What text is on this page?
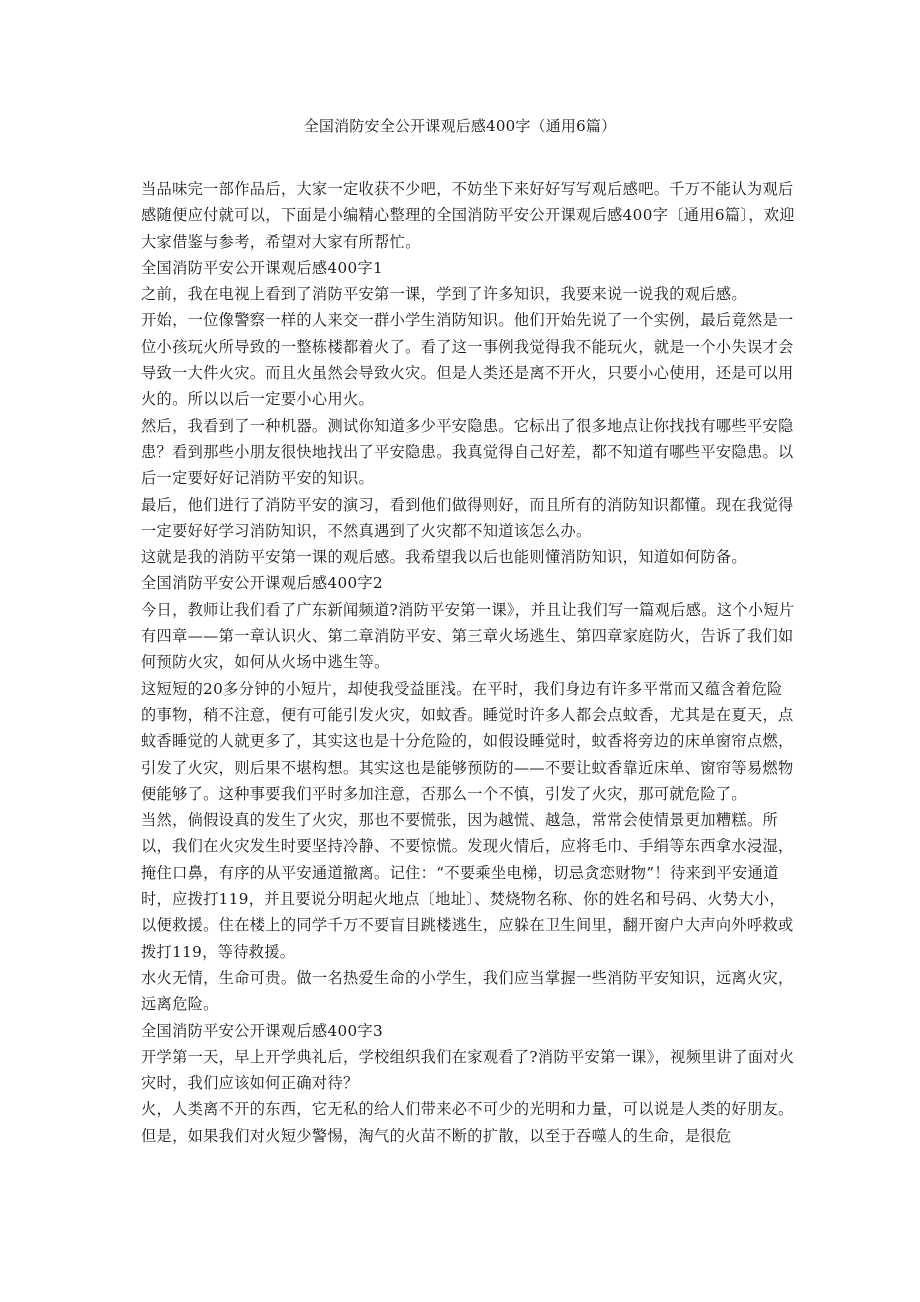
全国消防安全公开课观后感400字（通用6篇）

当品味完一部作品后，大家一定收获不少吧，不妨坐下来好好写写观后感吧。千万不能认为观后感随便应付就可以，下面是小编精心整理的全国消防平安公开课观后感400字〔通用6篇〕，欢迎大家借鉴与参考，希望对大家有所帮忙。

全国消防平安公开课观后感400字1

之前，我在电视上看到了消防平安第一课，学到了许多知识，我要来说一说我的观后感。

开始，一位像警察一样的人来交一群小学生消防知识。他们开始先说了一个实例，最后竟然是一位小孩玩火所导致的一整栋楼都着火了。看了这一事例我觉得我不能玩火，就是一个小失误才会导致一大件火灾。而且火虽然会导致火灾。但是人类还是离不开火，只要小心使用，还是可以用火的。所以以后一定要小心用火。

然后，我看到了一种机器。测试你知道多少平安隐患。它标出了很多地点让你找找有哪些平安隐患？看到那些小朋友很快地找出了平安隐患。我真觉得自己好差，都不知道有哪些平安隐患。以后一定要好好记消防平安的知识。

最后，他们进行了消防平安的演习，看到他们做得则好，而且所有的消防知识都懂。现在我觉得一定要好好学习消防知识，不然真遇到了火灾都不知道该怎么办。

这就是我的消防平安第一课的观后感。我希望我以后也能则懂消防知识，知道如何防备。

全国消防平安公开课观后感400字2

今日，教师让我们看了广东新闻频道?消防平安第一课》，并且让我们写一篇观后感。这个小短片有四章——第一章认识火、第二章消防平安、第三章火场逃生、第四章家庭防火，告诉了我们如何预防火灾，如何从火场中逃生等。

这短短的20多分钟的小短片，却使我受益匪浅。在平时，我们身边有许多平常而又蕴含着危险的事物，稍不注意，便有可能引发火灾，如蚊香。睡觉时许多人都会点蚊香，尤其是在夏天，点蚊香睡觉的人就更多了，其实这也是十分危险的，如假设睡觉时，蚊香将旁边的床单窗帘点燃，引发了火灾，则后果不堪构想。其实这也是能够预防的——不要让蚊香靠近床单、窗帘等易燃物便能够了。这种事要我们平时多加注意，否那么一个不慎，引发了火灾，那可就危险了。

当然，倘假设真的发生了火灾，那也不要慌张，因为越慌、越急，常常会使情景更加糟糕。所以，我们在火灾发生时要坚持冷静、不要惊慌。发现火情后，应将毛巾、手绢等东西拿水浸湿，掩住口鼻，有序的从平安通道撤离。记住：“不要乘坐电梯，切忌贪恋财物”！待来到平安通道时，应拨打119，并且要说分明起火地点〔地址〕、焚烧物名称、你的姓名和号码、火势大小，以便救援。住在楼上的同学千万不要盲目跳楼逃生，应躲在卫生间里，翻开窗户大声向外呼救或拨打119，等待救援。

水火无情，生命可贵。做一名热爱生命的小学生，我们应当掌握一些消防平安知识，远离火灾，远离危险。

全国消防平安公开课观后感400字3

开学第一天，早上开学典礼后，学校组织我们在家观看了?消防平安第一课》，视频里讲了面对火灾时，我们应该如何正确对待？

火，人类离不开的东西，它无私的给人们带来必不可少的光明和力量，可以说是人类的好朋友。但是，如果我们对火短少警惕，淘气的火苗不断的扩散，以至于吞噬人的生命，是很危
